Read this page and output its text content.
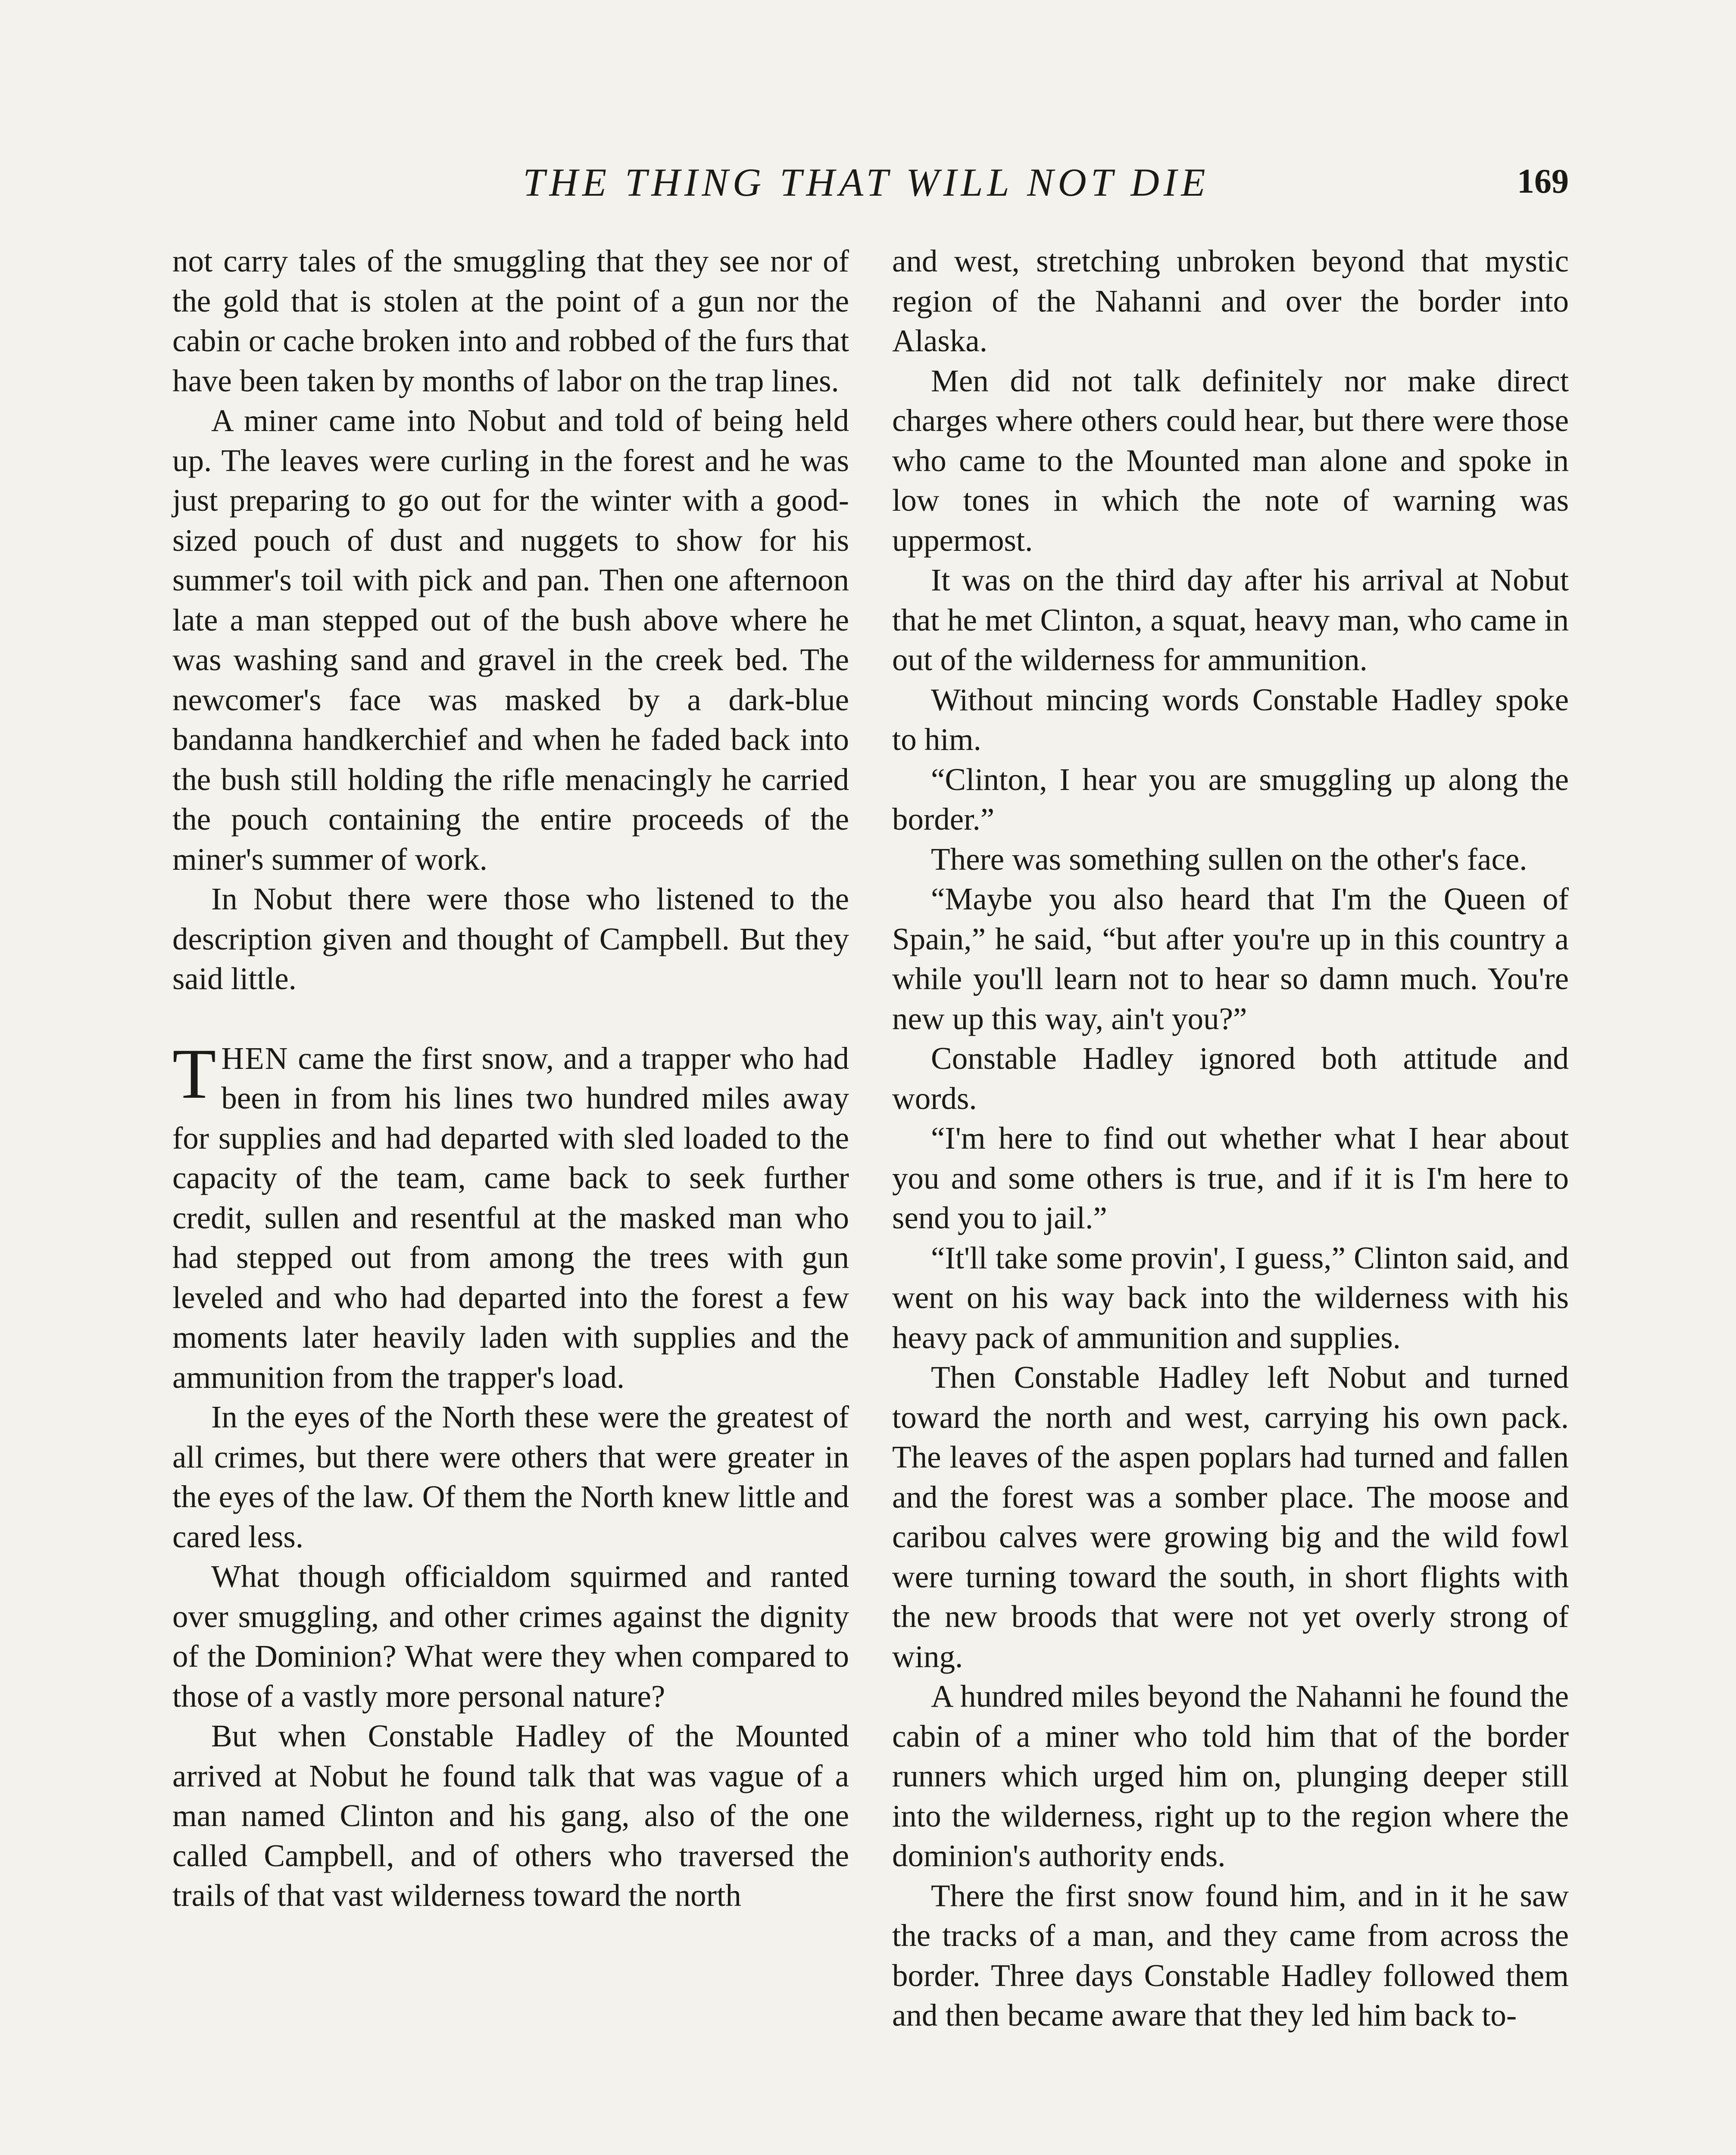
THE THING THAT WILL NOT DIE	169

not carry tales of the smuggling that they see nor of the gold that is stolen at the point of a gun nor the cabin or cache broken into and robbed of the furs that have been taken by months of labor on the trap lines.

A miner came into Nobut and told of being held up. The leaves were curling in the forest and he was just preparing to go out for the winter with a good-sized pouch of dust and nuggets to show for his summer's toil with pick and pan. Then one afternoon late a man stepped out of the bush above where he was washing sand and gravel in the creek bed. The newcomer's face was masked by a dark-blue bandanna handkerchief and when he faded back into the bush still holding the rifle menacingly he carried the pouch containing the entire proceeds of the miner's summer of work.

In Nobut there were those who listened to the description given and thought of Campbell. But they said little.

THEN came the first snow, and a trapper who had been in from his lines two hundred miles away for supplies and had departed with sled loaded to the capacity of the team, came back to seek further credit, sullen and resentful at the masked man who had stepped out from among the trees with gun leveled and who had departed into the forest a few moments later heavily laden with supplies and the ammunition from the trapper's load.

In the eyes of the North these were the greatest of all crimes, but there were others that were greater in the eyes of the law. Of them the North knew little and cared less.

What though officialdom squirmed and ranted over smuggling, and other crimes against the dignity of the Dominion? What were they when compared to those of a vastly more personal nature?

But when Constable Hadley of the Mounted arrived at Nobut he found talk that was vague of a man named Clinton and his gang, also of the one called Campbell, and of others who traversed the trails of that vast wilderness toward the north

and west, stretching unbroken beyond that mystic region of the Nahanni and over the border into Alaska.

Men did not talk definitely nor make direct charges where others could hear, but there were those who came to the Mounted man alone and spoke in low tones in which the note of warning was uppermost.

It was on the third day after his arrival at Nobut that he met Clinton, a squat, heavy man, who came in out of the wilderness for ammunition.

Without mincing words Constable Hadley spoke to him.

“Clinton, I hear you are smuggling up along the border.”

There was something sullen on the other's face.

“Maybe you also heard that I'm the Queen of Spain,” he said, “but after you're up in this country a while you'll learn not to hear so damn much. You're new up this way, ain't you?”

Constable Hadley ignored both attitude and words.

“I'm here to find out whether what I hear about you and some others is true, and if it is I'm here to send you to jail.”

“It'll take some provin', I guess,” Clinton said, and went on his way back into the wilderness with his heavy pack of ammunition and supplies.

Then Constable Hadley left Nobut and turned toward the north and west, carrying his own pack. The leaves of the aspen poplars had turned and fallen and the forest was a somber place. The moose and caribou calves were growing big and the wild fowl were turning toward the south, in short flights with the new broods that were not yet overly strong of wing.

A hundred miles beyond the Nahanni he found the cabin of a miner who told him that of the border runners which urged him on, plunging deeper still into the wilderness, right up to the region where the dominion's authority ends.

There the first snow found him, and in it he saw the tracks of a man, and they came from across the border. Three days Constable Hadley followed them and then became aware that they led him back to-
